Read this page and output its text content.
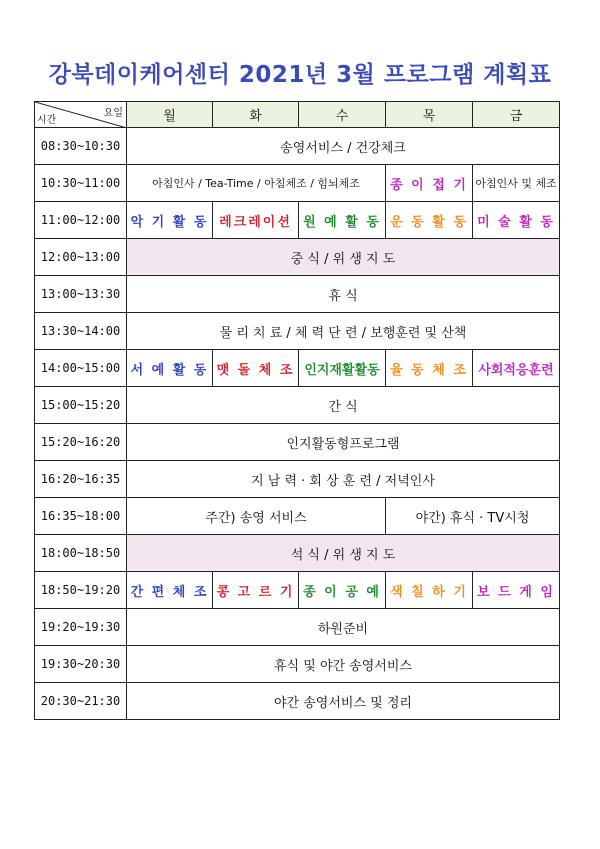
강북데이케어센터 2021년 3월 프로그램 계획표
요일
시간	월	화	수	목	금
08:30~10:30	송영서비스 / 건강체크				
10:30~11:00	아침인사 / Tea-Time / 아침체조 / 힘뇌체조			종 이 접 기	아침인사 및 체조
11:00~12:00	악 기 활 동	레크레이션	원 예 활 동	운 동 활 동	미 술 활 동
12:00~13:00	중 식 / 위 생 지 도				
13:00~13:30	휴 식				
13:30~14:00	물 리 치 료 / 체 력 단 련 / 보행훈련 및 산책				
14:00~15:00	서 예 활 동	맷 돌 체 조	인지재활활동	율 동 체 조	사회적응훈련
15:00~15:20	간 식				
15:20~16:20	인지활동형프로그램				
16:20~16:35	지 남 력 · 회 상 훈 련 / 저녁인사				
16:35~18:00	주간) 송영 서비스			야간) 휴식 · TV시청	
18:00~18:50	석 식 / 위 생 지 도				
18:50~19:20	간 편 체 조	콩 고 르 기	종 이 공 예	색 칠 하 기	보 드 게 임
19:20~19:30	하원준비				
19:30~20:30	휴식 및 야간 송영서비스				
20:30~21:30	야간 송영서비스 및 정리				
